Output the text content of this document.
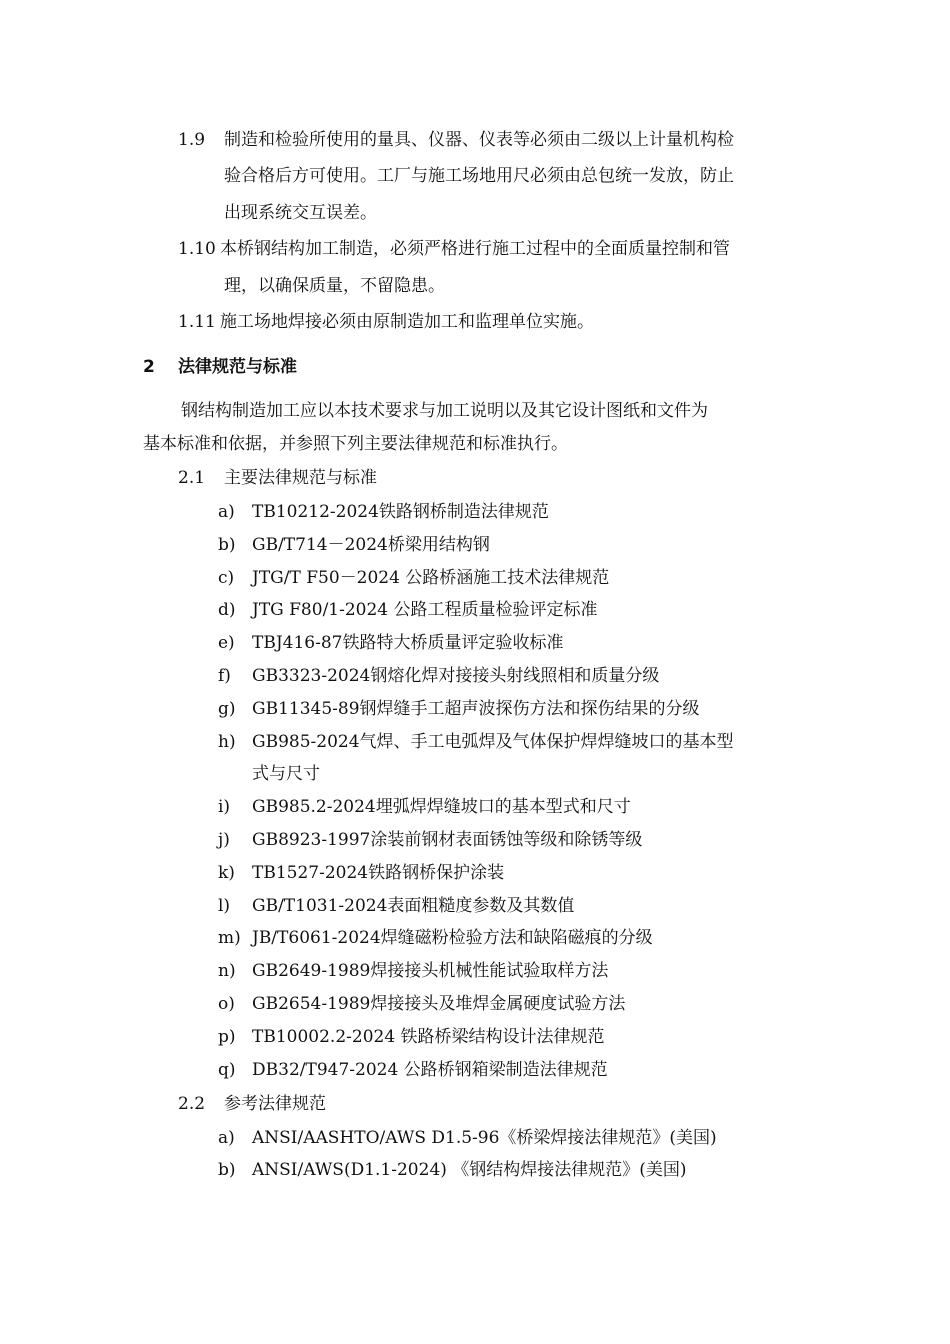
1.9 制造和检验所使用的量具、仪器、仪表等必须由二级以上计量机构检
验合格后方可使用。工厂与施工场地用尺必须由总包统一发放，防止
出现系统交互误差。
1.10 本桥钢结构加工制造，必须严格进行施工过程中的全面质量控制和管
理，以确保质量，不留隐患。
1.11 施工场地焊接必须由原制造加工和监理单位实施。
2 法律规范与标准
钢结构制造加工应以本技术要求与加工说明以及其它设计图纸和文件为
基本标准和依据，并参照下列主要法律规范和标准执行。
2.1 主要法律规范与标准
a) TB10212-2024铁路钢桥制造法律规范
b) GB/T714－2024桥梁用结构钢
c) JTG/T F50－2024 公路桥涵施工技术法律规范
d) JTG F80/1-2024 公路工程质量检验评定标准
e) TBJ416-87铁路特大桥质量评定验收标准
f) GB3323-2024钢熔化焊对接接头射线照相和质量分级
g) GB11345-89钢焊缝手工超声波探伤方法和探伤结果的分级
h) GB985-2024气焊、手工电弧焊及气体保护焊焊缝坡口的基本型
式与尺寸
i) GB985.2-2024埋弧焊焊缝坡口的基本型式和尺寸
j) GB8923-1997涂装前钢材表面锈蚀等级和除锈等级
k) TB1527-2024铁路钢桥保护涂装
l) GB/T1031-2024表面粗糙度参数及其数值
m) JB/T6061-2024焊缝磁粉检验方法和缺陷磁痕的分级
n) GB2649-1989焊接接头机械性能试验取样方法
o) GB2654-1989焊接接头及堆焊金属硬度试验方法
p) TB10002.2-2024 铁路桥梁结构设计法律规范
q) DB32/T947-2024 公路桥钢箱梁制造法律规范
2.2 参考法律规范
a) ANSI/AASHTO/AWS D1.5-96《桥梁焊接法律规范》(美国)
b) ANSI/AWS(D1.1-2024) 《钢结构焊接法律规范》(美国)
